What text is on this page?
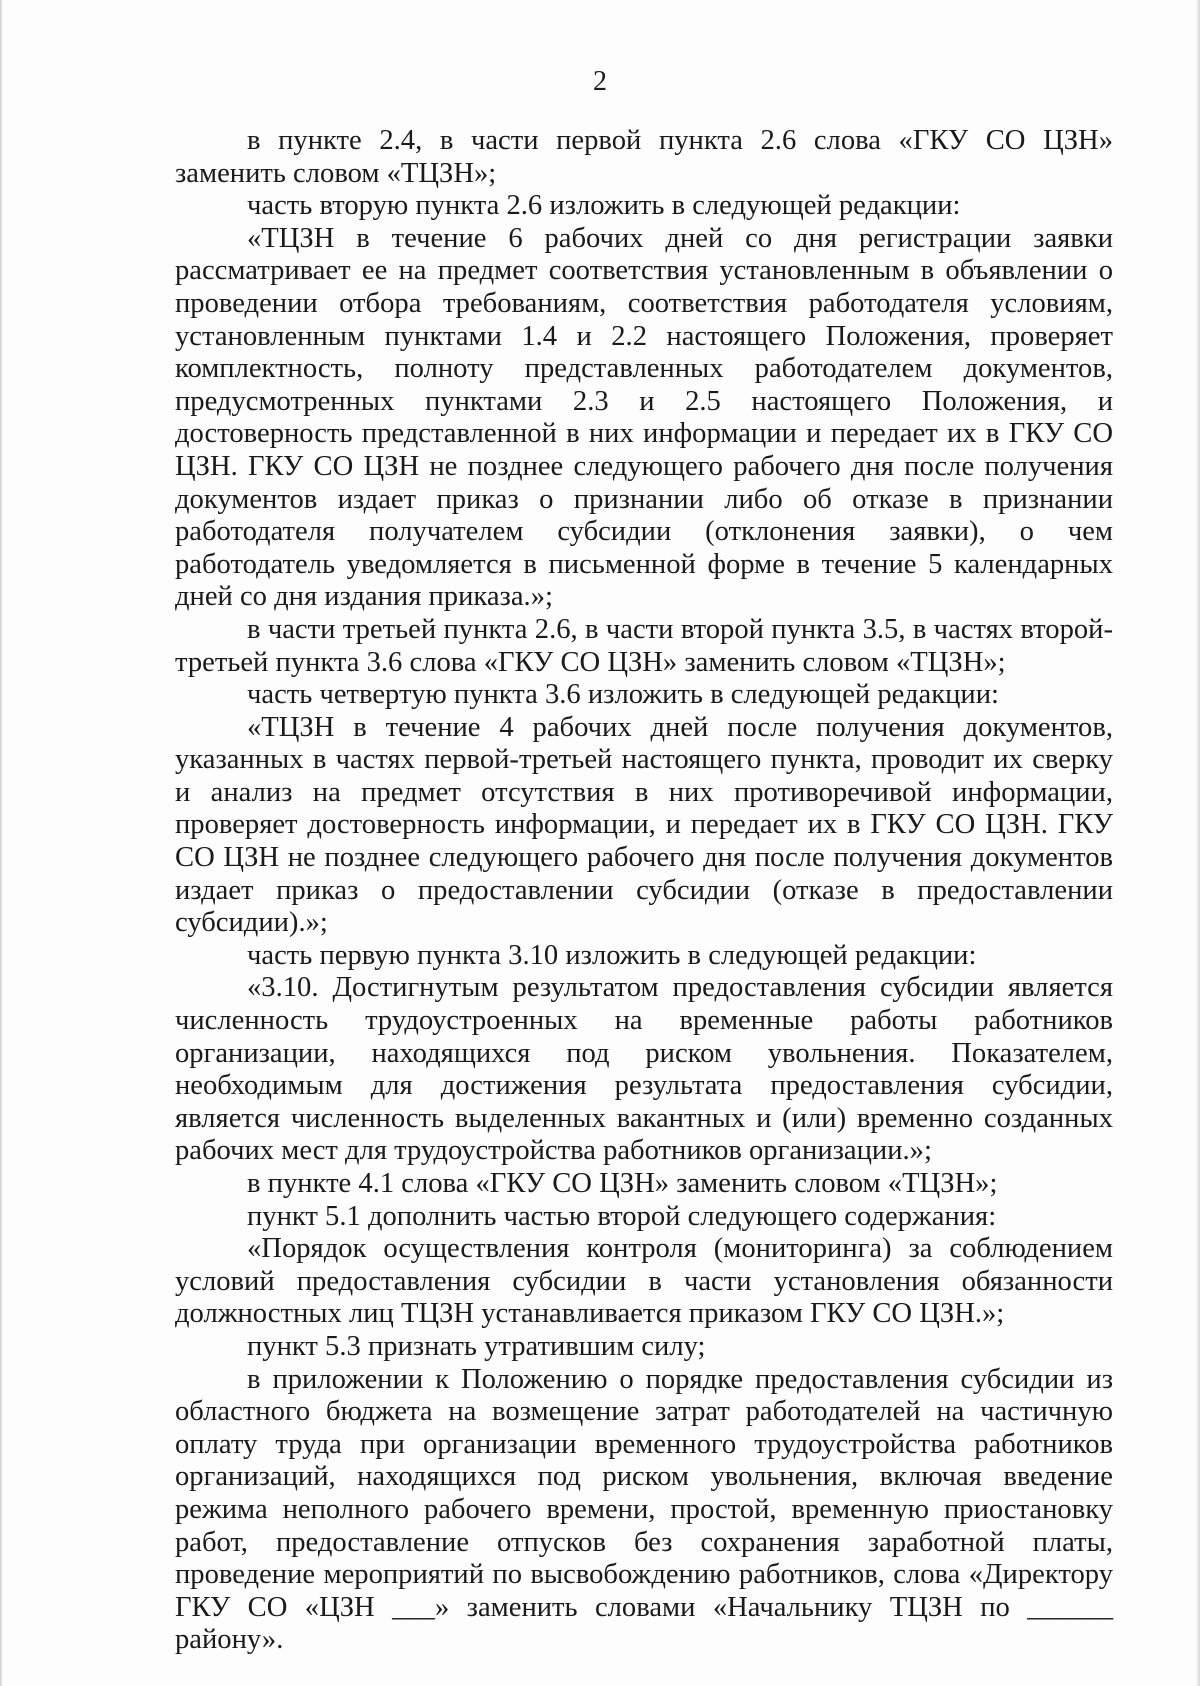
2

в пункте 2.4, в части первой пункта 2.6 слова «ГКУ СО ЦЗН» заменить словом «ТЦЗН»;

часть вторую пункта 2.6 изложить в следующей редакции:

«ТЦЗН в течение 6 рабочих дней со дня регистрации заявки рассматривает ее на предмет соответствия установленным в объявлении о проведении отбора требованиям, соответствия работодателя условиям, установленным пунктами 1.4 и 2.2 настоящего Положения, проверяет комплектность, полноту представленных работодателем документов, предусмотренных пунктами 2.3 и 2.5 настоящего Положения, и достоверность представленной в них информации и передает их в ГКУ СО ЦЗН. ГКУ СО ЦЗН не позднее следующего рабочего дня после получения документов издает приказ о признании либо об отказе в признании работодателя получателем субсидии (отклонения заявки), о чем работодатель уведомляется в письменной форме в течение 5 календарных дней со дня издания приказа.»;

в части третьей пункта 2.6, в части второй пункта 3.5, в частях второй-третьей пункта 3.6 слова «ГКУ СО ЦЗН» заменить словом «ТЦЗН»;

часть четвертую пункта 3.6 изложить в следующей редакции:

«ТЦЗН в течение 4 рабочих дней после получения документов, указанных в частях первой-третьей настоящего пункта, проводит их сверку и анализ на предмет отсутствия в них противоречивой информации, проверяет достоверность информации, и передает их в ГКУ СО ЦЗН. ГКУ СО ЦЗН не позднее следующего рабочего дня после получения документов издает приказ о предоставлении субсидии (отказе в предоставлении субсидии).»;

часть первую пункта 3.10 изложить в следующей редакции:

«3.10. Достигнутым результатом предоставления субсидии является численность трудоустроенных на временные работы работников организации, находящихся под риском увольнения. Показателем, необходимым для достижения результата предоставления субсидии, является численность выделенных вакантных и (или) временно созданных рабочих мест для трудоустройства работников организации.»;

в пункте 4.1 слова «ГКУ СО ЦЗН» заменить словом «ТЦЗН»;

пункт 5.1 дополнить частью второй следующего содержания:

«Порядок осуществления контроля (мониторинга) за соблюдением условий предоставления субсидии в части установления обязанности должностных лиц ТЦЗН устанавливается приказом ГКУ СО ЦЗН.»;

пункт 5.3 признать утратившим силу;

в приложении к Положению о порядке предоставления субсидии из областного бюджета на возмещение затрат работодателей на частичную оплату труда при организации временного трудоустройства работников организаций, находящихся под риском увольнения, включая введение режима неполного рабочего времени, простой, временную приостановку работ, предоставление отпусков без сохранения заработной платы, проведение мероприятий по высвобождению работников, слова «Директору ГКУ СО «ЦЗН ___» заменить словами «Начальнику ТЦЗН по ______ району».
